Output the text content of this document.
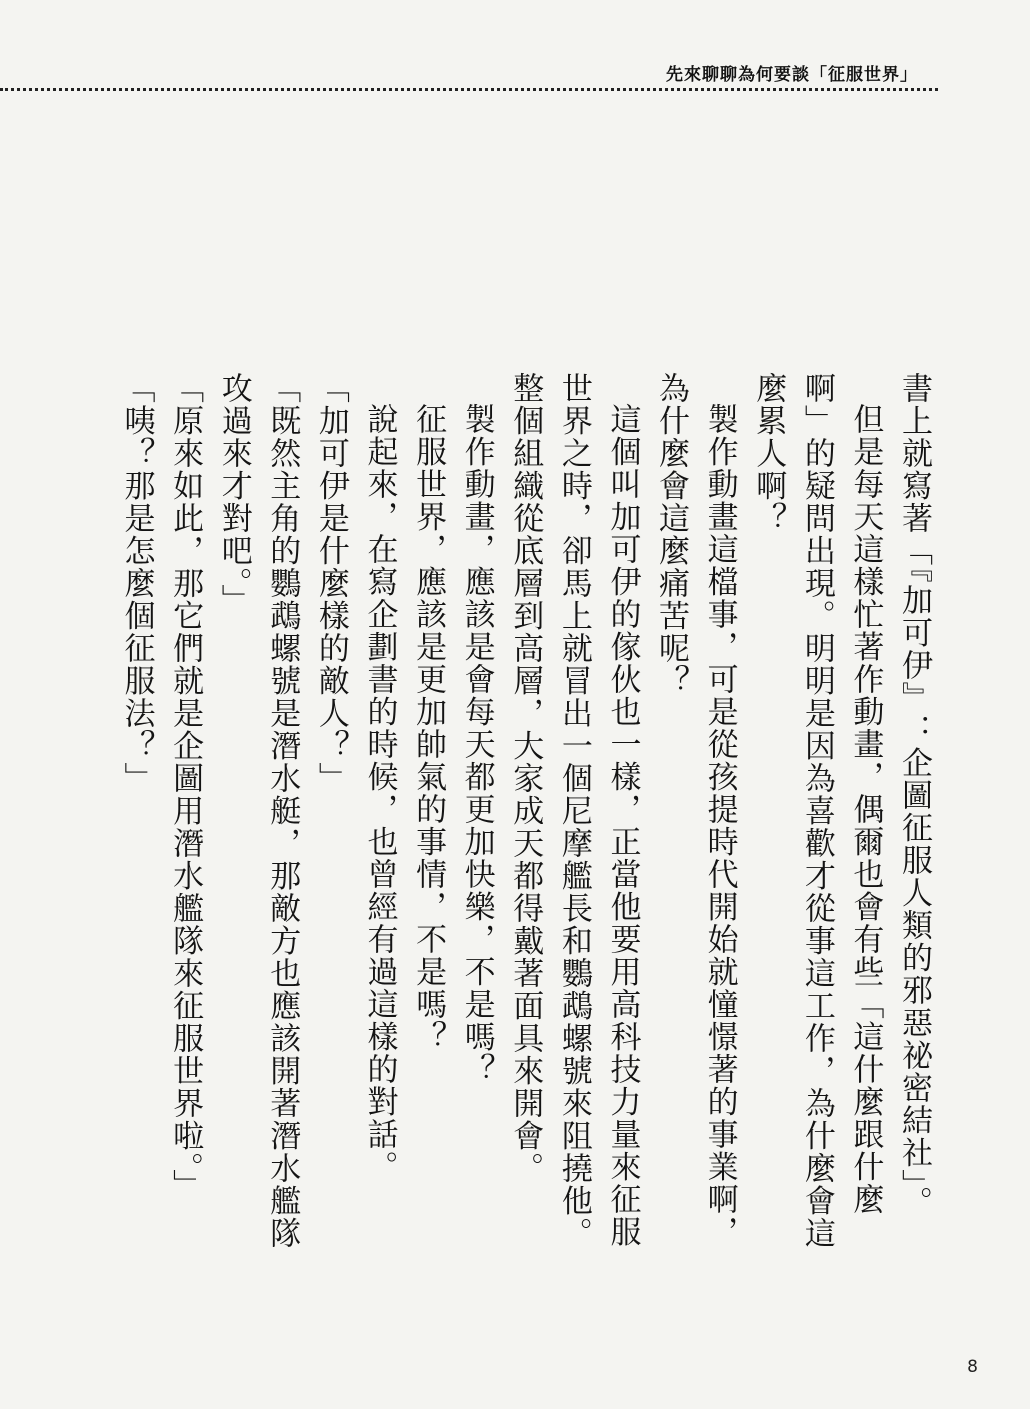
先來聊聊為何要談「征服世界」

書上就寫著「『加可伊』：企圖征服人類的邪惡祕密結社」。

但是每天這樣忙著作動畫，偶爾也會有些「這什麼跟什麼啊」的疑問出現。明明是因為喜歡才從事這工作，為什麼會這麼累人啊？

製作動畫這檔事，可是從孩提時代開始就憧憬著的事業啊，為什麼會這麼痛苦呢？

這個叫加可伊的傢伙也一樣，正當他要用高科技力量來征服世界之時，卻馬上就冒出一個尼摩艦長和鸚鵡螺號來阻撓他。整個組織從底層到高層，大家成天都得戴著面具來開會。

製作動畫，應該是會每天都更加快樂，不是嗎？

征服世界，應該是更加帥氣的事情，不是嗎？

說起來，在寫企劃書的時候，也曾經有過這樣的對話。

「加可伊是什麼樣的敵人？」

「既然主角的鸚鵡螺號是潛水艇，那敵方也應該開著潛水艦隊攻過來才對吧。」

「原來如此，那它們就是企圖用潛水艦隊來征服世界啦。」

「咦？那是怎麼個征服法？」

8
